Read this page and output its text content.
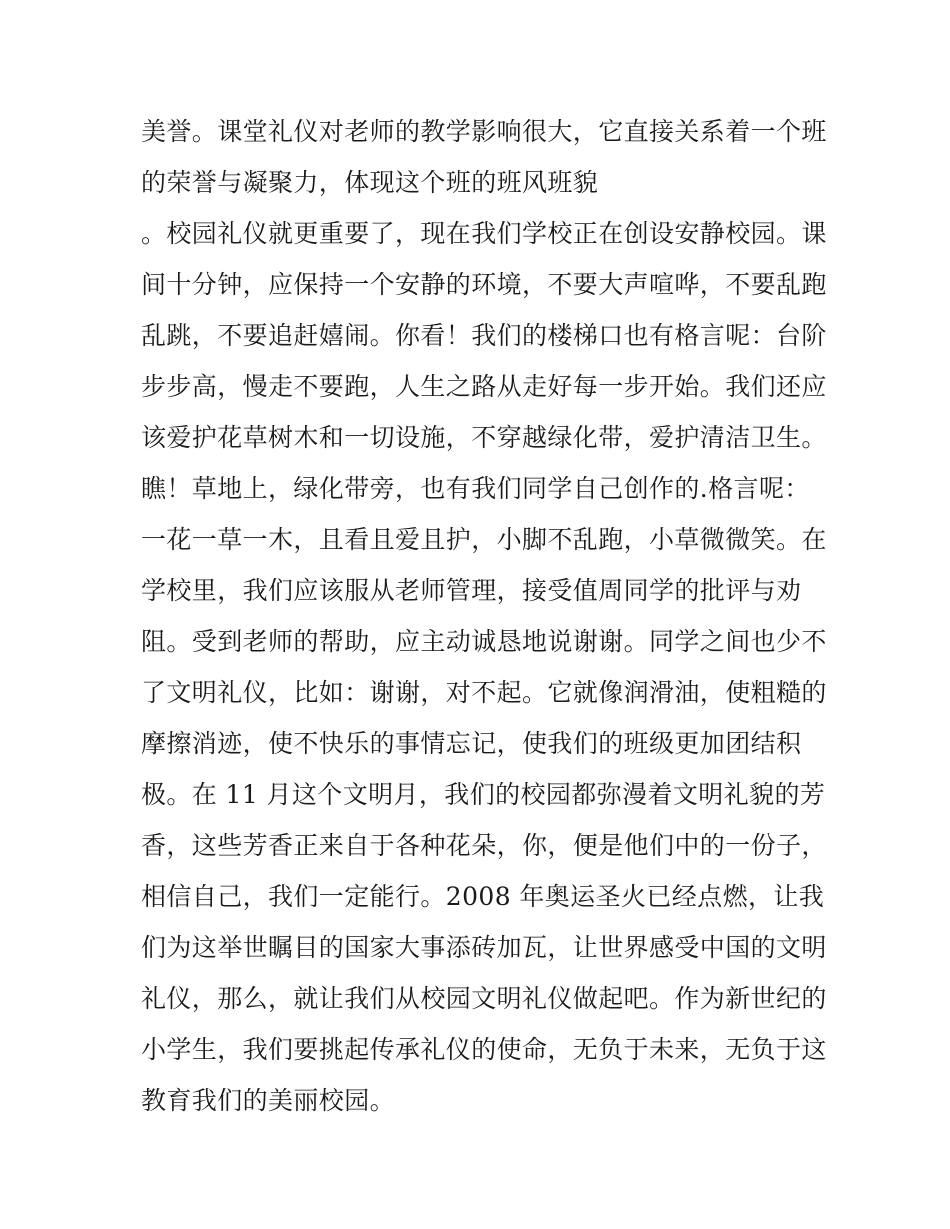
美誉。课堂礼仪对老师的教学影响很大，它直接关系着一个班
的荣誉与凝聚力，体现这个班的班风班貌
。校园礼仪就更重要了，现在我们学校正在创设安静校园。课
间十分钟，应保持一个安静的环境，不要大声喧哗，不要乱跑
乱跳，不要追赶嬉闹。你看！我们的楼梯口也有格言呢：台阶
步步高，慢走不要跑，人生之路从走好每一步开始。我们还应
该爱护花草树木和一切设施，不穿越绿化带，爱护清洁卫生。
瞧！草地上，绿化带旁，也有我们同学自己创作的.格言呢：
一花一草一木，且看且爱且护，小脚不乱跑，小草微微笑。在
学校里，我们应该服从老师管理，接受值周同学的批评与劝
阻。受到老师的帮助，应主动诚恳地说谢谢。同学之间也少不
了文明礼仪，比如：谢谢，对不起。它就像润滑油，使粗糙的
摩擦消迹，使不快乐的事情忘记，使我们的班级更加团结积
极。在 11 月这个文明月，我们的校园都弥漫着文明礼貌的芳
香，这些芳香正来自于各种花朵，你，便是他们中的一份子，
相信自己，我们一定能行。2008 年奥运圣火已经点燃，让我
们为这举世瞩目的国家大事添砖加瓦，让世界感受中国的文明
礼仪，那么，就让我们从校园文明礼仪做起吧。作为新世纪的
小学生，我们要挑起传承礼仪的使命，无负于未来，无负于这
教育我们的美丽校园。
